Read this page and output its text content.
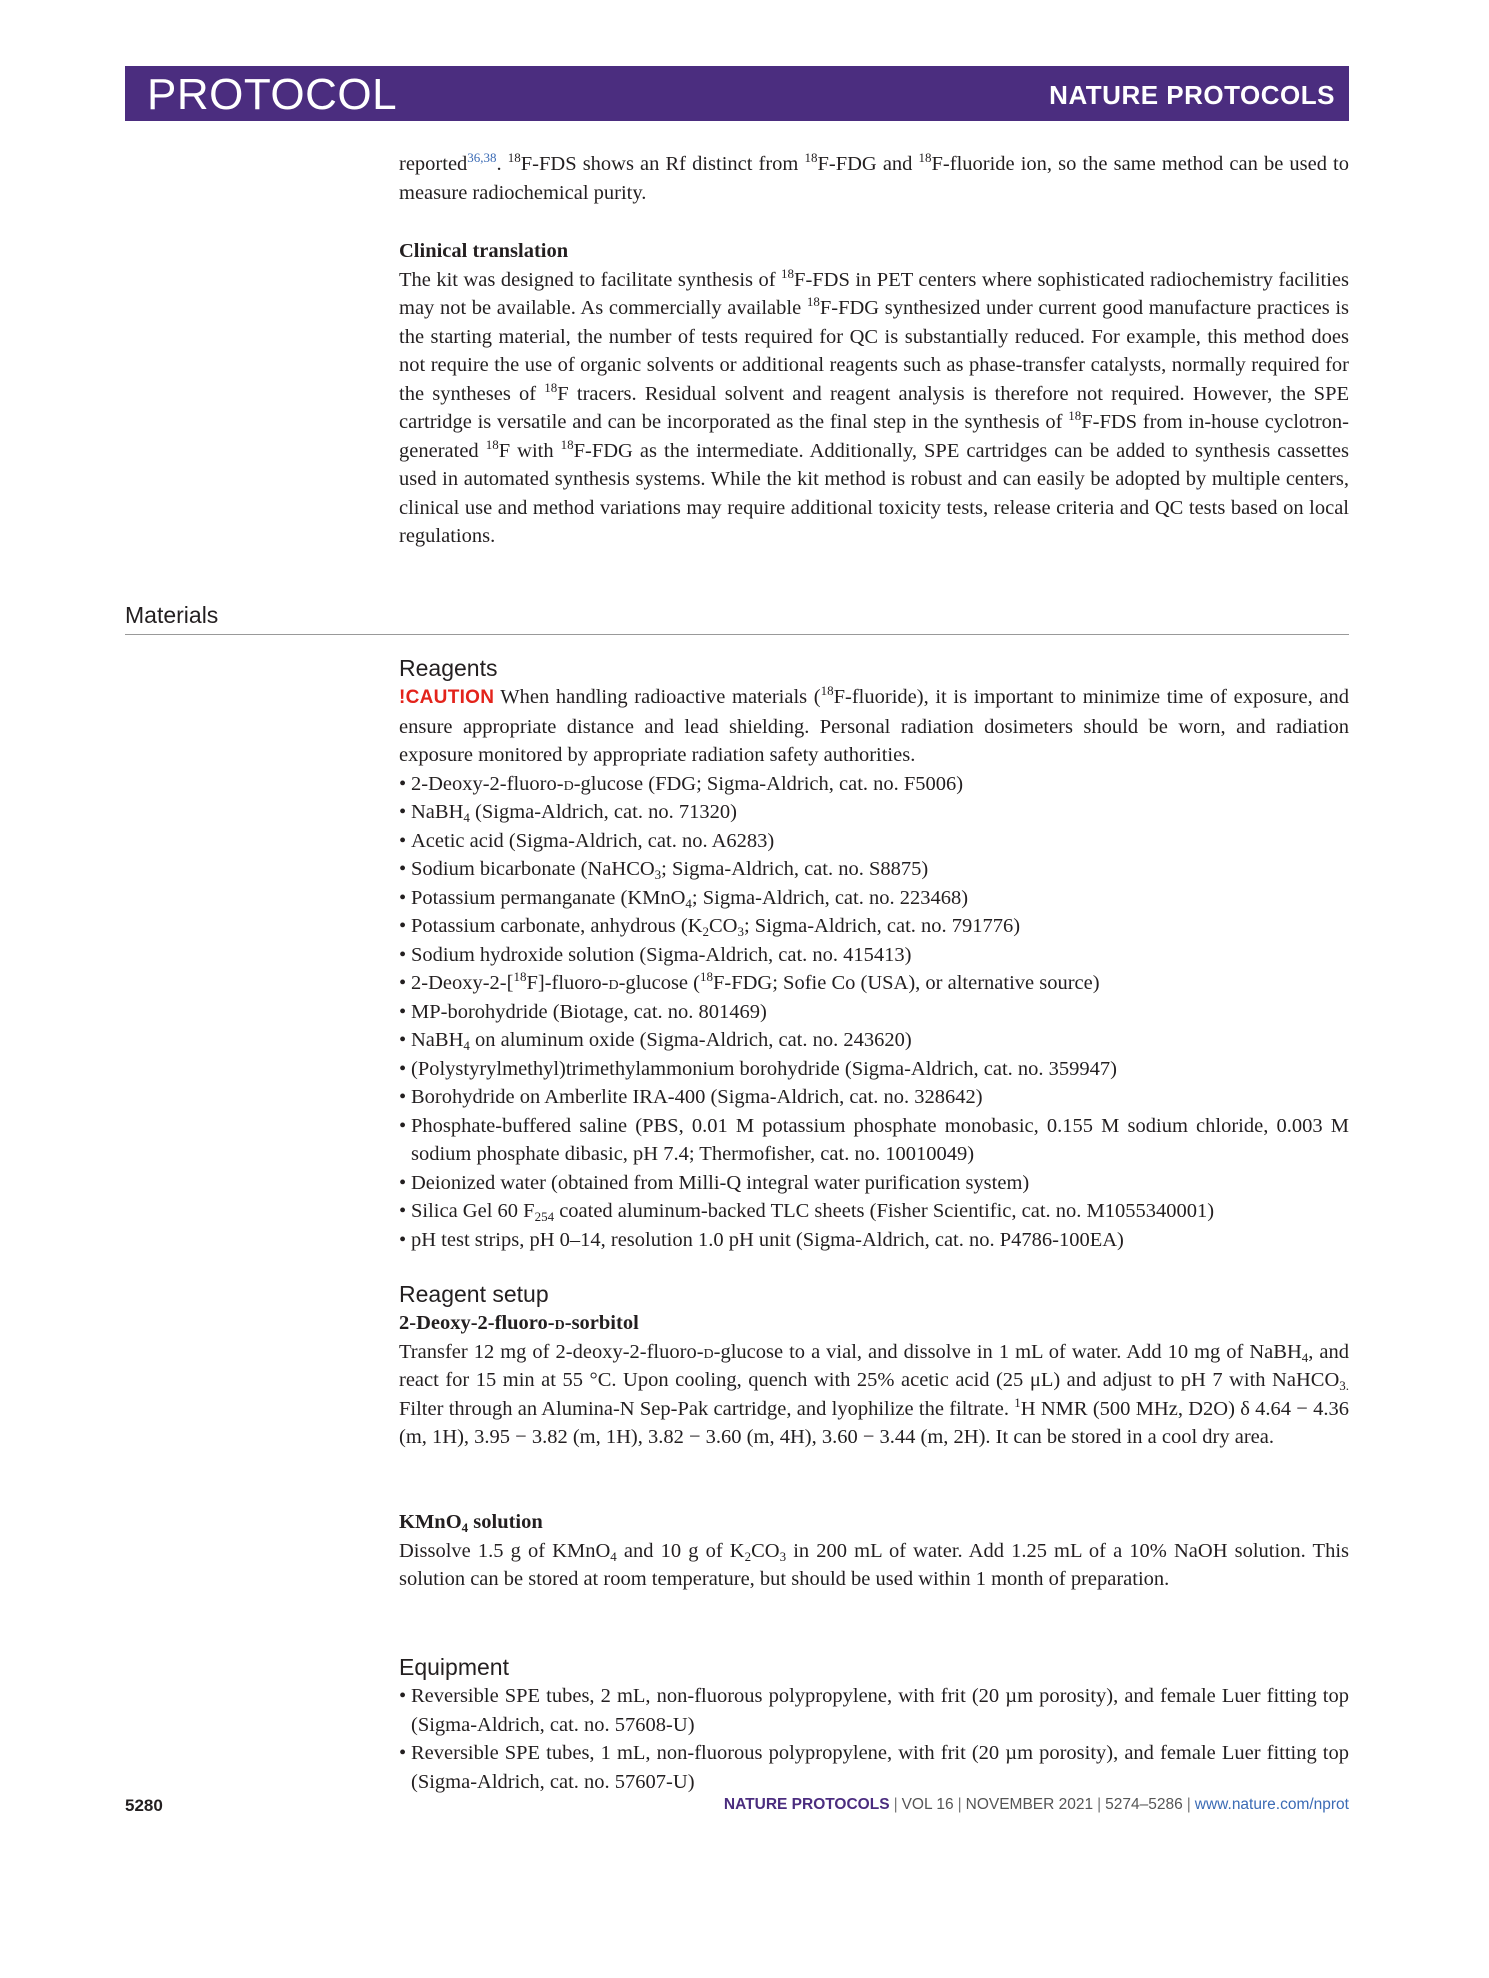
PROTOCOL	NATURE PROTOCOLS

reported$^{36,38}$. $^{18}$F-FDS shows an Rf distinct from $^{18}$F-FDG and $^{18}$F-fluoride ion, so the same method can be used to measure radiochemical purity.

Clinical translation

The kit was designed to facilitate synthesis of $^{18}$F-FDS in PET centers where sophisticated radiochemistry facilities may not be available. As commercially available $^{18}$F-FDG synthesized under current good manufacture practices is the starting material, the number of tests required for QC is substantially reduced. For example, this method does not require the use of organic solvents or additional reagents such as phase-transfer catalysts, normally required for the syntheses of $^{18}$F tracers. Residual solvent and reagent analysis is therefore not required. However, the SPE cartridge is versatile and can be incorporated as the final step in the synthesis of $^{18}$F-FDS from in-house cyclotron-generated $^{18}$F with $^{18}$F-FDG as the intermediate. Additionally, SPE cartridges can be added to synthesis cassettes used in automated synthesis systems. While the kit method is robust and can easily be adopted by multiple centers, clinical use and method variations may require additional toxicity tests, release criteria and QC tests based on local regulations.

Materials

Reagents

!CAUTION When handling radioactive materials ($^{18}$F-fluoride), it is important to minimize time of exposure, and ensure appropriate distance and lead shielding. Personal radiation dosimeters should be worn, and radiation exposure monitored by appropriate radiation safety authorities.

• 2-Deoxy-2-fluoro-d-glucose (FDG; Sigma-Aldrich, cat. no. F5006)
• NaBH$_4$ (Sigma-Aldrich, cat. no. 71320)
• Acetic acid (Sigma-Aldrich, cat. no. A6283)
• Sodium bicarbonate (NaHCO$_3$; Sigma-Aldrich, cat. no. S8875)
• Potassium permanganate (KMnO$_4$; Sigma-Aldrich, cat. no. 223468)
• Potassium carbonate, anhydrous ($K_2CO_3$; Sigma-Aldrich, cat. no. 791776)
• Sodium hydroxide solution (Sigma-Aldrich, cat. no. 415413)
• 2-Deoxy-2-[$^{18}$F]-fluoro-d-glucose ($^{18}$F-FDG; Sofie Co (USA), or alternative source)
• MP-borohydride (Biotage, cat. no. 801469)
• NaBH$_4$ on aluminum oxide (Sigma-Aldrich, cat. no. 243620)
• (Polystyrylmethyl)trimethylammonium borohydride (Sigma-Aldrich, cat. no. 359947)
• Borohydride on Amberlite IRA-400 (Sigma-Aldrich, cat. no. 328642)
• Phosphate-buffered saline (PBS, 0.01 M potassium phosphate monobasic, 0.155 M sodium chloride, 0.003 M sodium phosphate dibasic, pH 7.4; Thermofisher, cat. no. 10010049)
• Deionized water (obtained from Milli-Q integral water purification system)
• Silica Gel 60 $F_{254}$ coated aluminum-backed TLC sheets (Fisher Scientific, cat. no. M1055340001)
• pH test strips, pH 0–14, resolution 1.0 pH unit (Sigma-Aldrich, cat. no. P4786-100EA)

Reagent setup

2-Deoxy-2-fluoro-d-sorbitol

Transfer 12 mg of 2-deoxy-2-fluoro-d-glucose to a vial, and dissolve in 1 mL of water. Add 10 mg of NaBH$_4$, and react for 15 min at 55 °C. Upon cooling, quench with 25% acetic acid (25 μL) and adjust to pH 7 with NaHCO$_{3.}$ Filter through an Alumina-N Sep-Pak cartridge, and lyophilize the filtrate. $^1$H NMR (500 MHz, D2O) δ 4.64 − 4.36 (m, 1H), 3.95 − 3.82 (m, 1H), 3.82 − 3.60 (m, 4H), 3.60 − 3.44 (m, 2H). It can be stored in a cool dry area.

KMnO$_4$ solution

Dissolve 1.5 g of KMnO$_4$ and 10 g of $K_2CO_3$ in 200 mL of water. Add 1.25 mL of a 10% NaOH solution. This solution can be stored at room temperature, but should be used within 1 month of preparation.

Equipment

• Reversible SPE tubes, 2 mL, non-fluorous polypropylene, with frit (20 µm porosity), and female Luer fitting top (Sigma-Aldrich, cat. no. 57608-U)
• Reversible SPE tubes, 1 mL, non-fluorous polypropylene, with frit (20 µm porosity), and female Luer fitting top (Sigma-Aldrich, cat. no. 57607-U)
5280	NATURE PROTOCOLS | VOL 16 | NOVEMBER 2021 | 5274–5286 | www.nature.com/nprot
